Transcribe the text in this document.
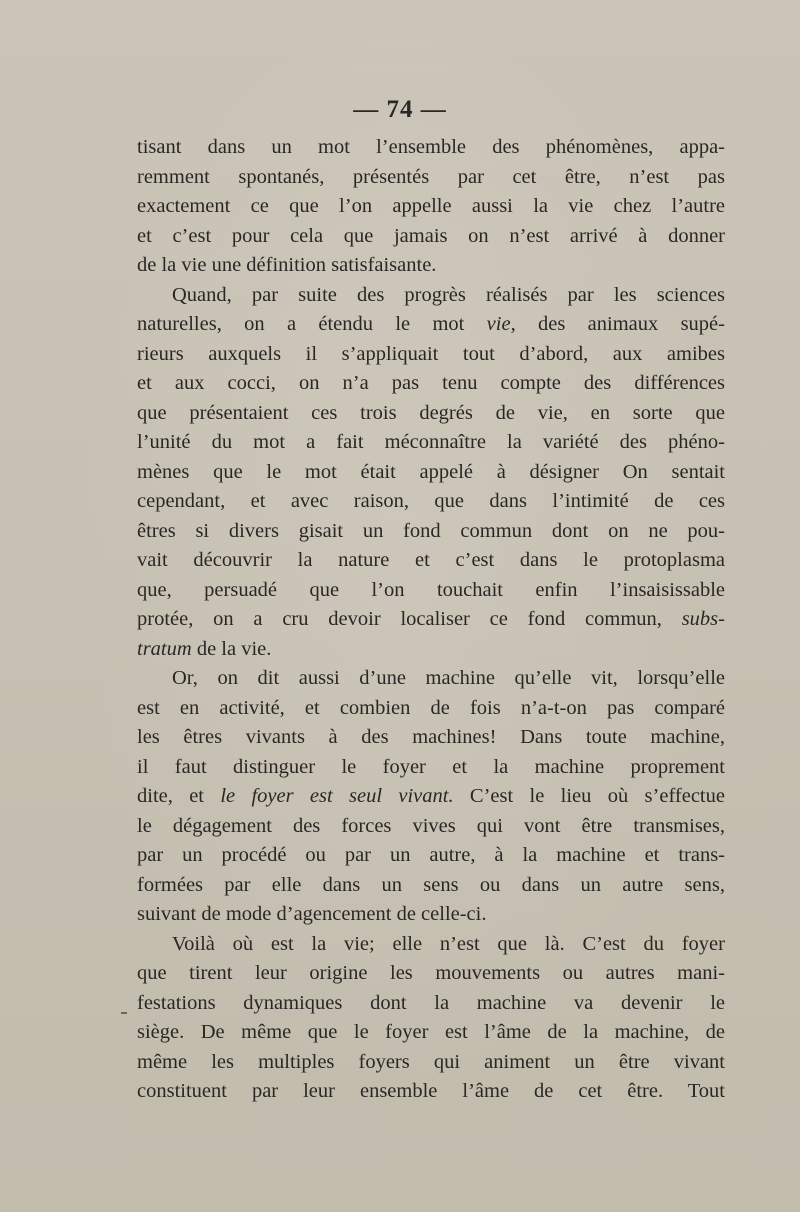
— 74 —
tisant dans un mot l’ensemble des phénomènes, appa-
remment spontanés, présentés par cet être, n’est pas
exactement ce que l’on appelle aussi la vie chez l’autre
et c’est pour cela que jamais on n’est arrivé à donner
de la vie une définition satisfaisante.
Quand, par suite des progrès réalisés par les sciences
naturelles, on a étendu le mot vie, des animaux supé-
rieurs auxquels il s’appliquait tout d’abord, aux amibes
et aux cocci, on n’a pas tenu compte des différences
que présentaient ces trois degrés de vie, en sorte que
l’unité du mot a fait méconnaître la variété des phéno-
mènes que le mot était appelé à désigner On sentait
cependant, et avec raison, que dans l’intimité de ces
êtres si divers gisait un fond commun dont on ne pou-
vait découvrir la nature et c’est dans le protoplasma
que, persuadé que l’on touchait enfin l’insaisissable
protée, on a cru devoir localiser ce fond commun, subs-
tratum de la vie.
Or, on dit aussi d’une machine qu’elle vit, lorsqu’elle
est en activité, et combien de fois n’a-t-on pas comparé
les êtres vivants à des machines! Dans toute machine,
il faut distinguer le foyer et la machine proprement
dite, et le foyer est seul vivant. C’est le lieu où s’effectue
le dégagement des forces vives qui vont être transmises,
par un procédé ou par un autre, à la machine et trans-
formées par elle dans un sens ou dans un autre sens,
suivant de mode d’agencement de celle-ci.
Voilà où est la vie; elle n’est que là. C’est du foyer
que tirent leur origine les mouvements ou autres mani-
festations dynamiques dont la machine va devenir le
siège. De même que le foyer est l’âme de la machine, de
même les multiples foyers qui animent un être vivant
constituent par leur ensemble l’âme de cet être. Tout
